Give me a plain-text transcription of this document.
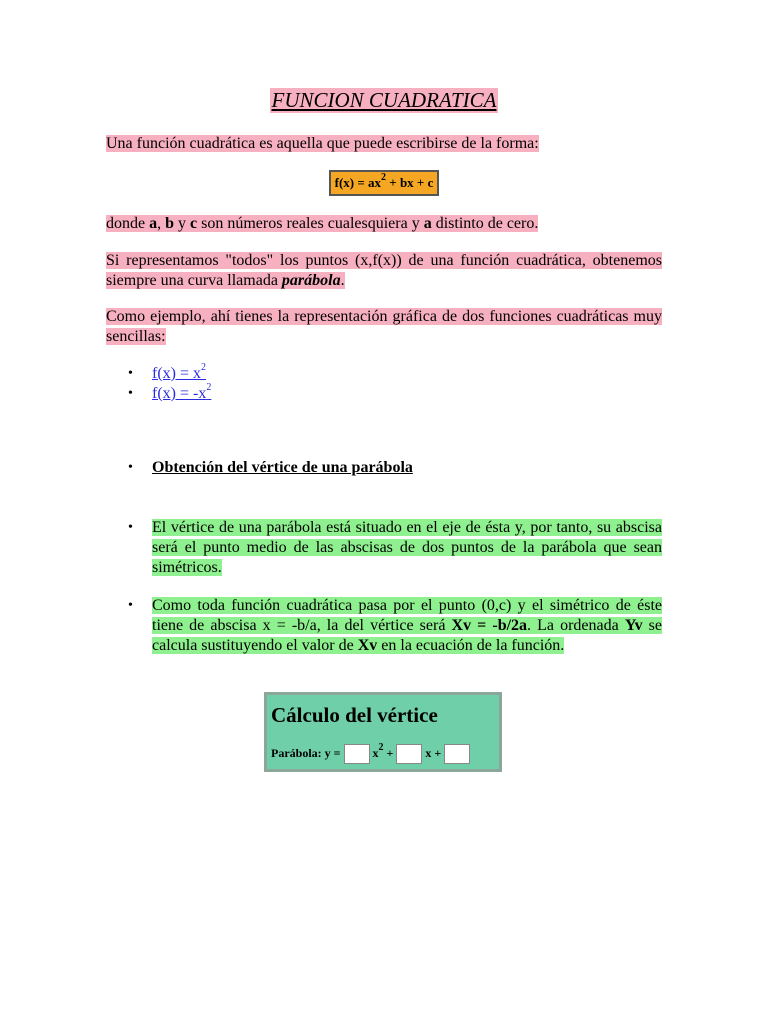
FUNCION CUADRATICA
Una función cuadrática es aquella que puede escribirse de la forma:
$f(x) = ax^2$ + bx + c
donde a, b y c son números reales cualesquiera y a distinto de cero.
Si representamos "todos" los puntos (x,f(x)) de una función cuadrática, obtenemos siempre una curva llamada parábola.
Como ejemplo, ahí tienes la representación gráfica de dos funciones cuadráticas muy sencillas:
•
f(x) = x$^2$
•
f(x) = -x$^2$
•
Obtención del vértice de una parábola
•
El vértice de una parábola está situado en el eje de ésta y, por tanto, su abscisa será el punto medio de las abscisas de dos puntos de la parábola que sean simétricos.
•
Como toda función cuadrática pasa por el punto (0,c) y el simétrico de éste tiene de abscisa x = -b/a, la del vértice será Xv = -b/2a. La ordenada Yv se calcula sustituyendo el valor de Xv en la ecuación de la función.
Cálculo del vértice
Parábola: $y = x^2 + x$ +
